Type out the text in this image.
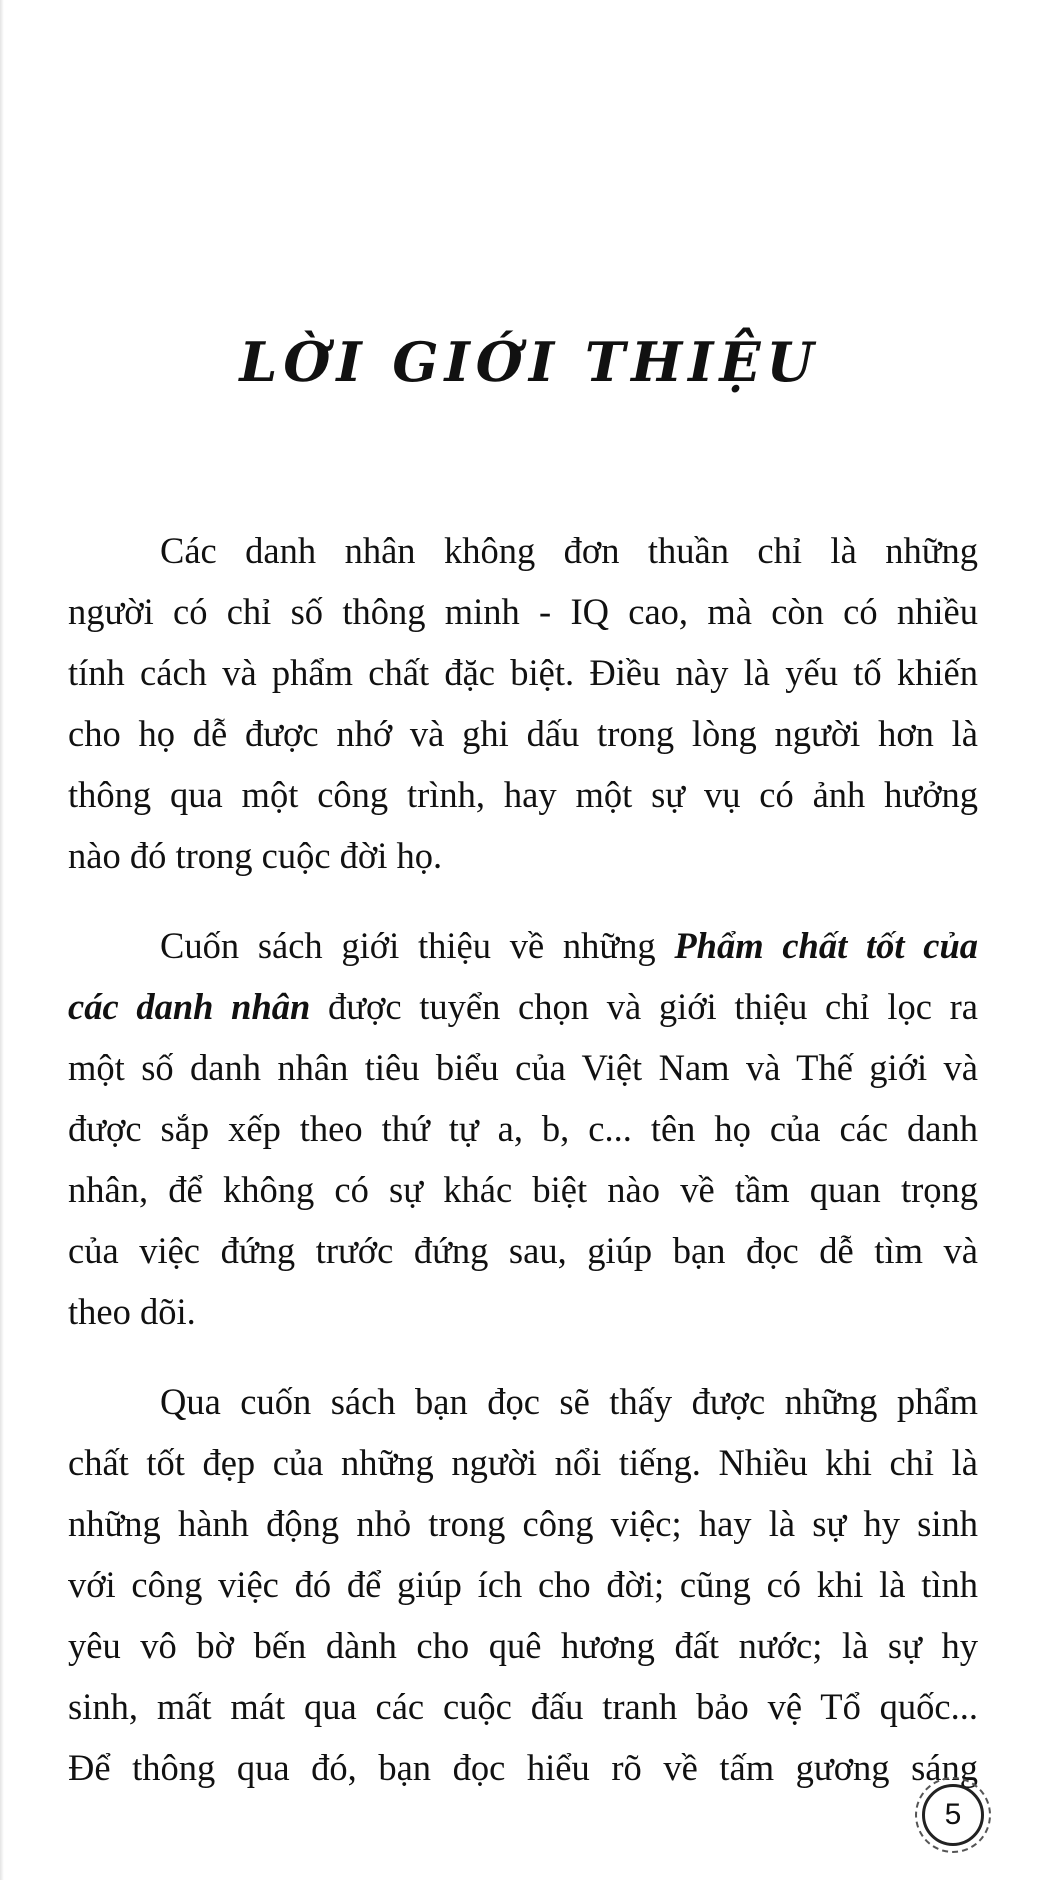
LỜI GIỚI THIỆU
Các danh nhân không đơn thuần chỉ là những
người có chỉ số thông minh - IQ cao, mà còn có nhiều
tính cách và phẩm chất đặc biệt. Điều này là yếu tố khiến
cho họ dễ được nhớ và ghi dấu trong lòng người hơn là
thông qua một công trình, hay một sự vụ có ảnh hưởng
nào đó trong cuộc đời họ.
Cuốn sách giới thiệu về những Phẩm chất tốt của
các danh nhân được tuyển chọn và giới thiệu chỉ lọc ra
một số danh nhân tiêu biểu của Việt Nam và Thế giới và
được sắp xếp theo thứ tự a, b, c... tên họ của các danh
nhân, để không có sự khác biệt nào về tầm quan trọng
của việc đứng trước đứng sau, giúp bạn đọc dễ tìm và
theo dõi.
Qua cuốn sách bạn đọc sẽ thấy được những phẩm
chất tốt đẹp của những người nổi tiếng. Nhiều khi chỉ là
những hành động nhỏ trong công việc; hay là sự hy sinh
với công việc đó để giúp ích cho đời; cũng có khi là tình
yêu vô bờ bến dành cho quê hương đất nước; là sự hy
sinh, mất mát qua các cuộc đấu tranh bảo vệ Tổ quốc...
Để thông qua đó, bạn đọc hiểu rõ về tấm gương sáng
5
